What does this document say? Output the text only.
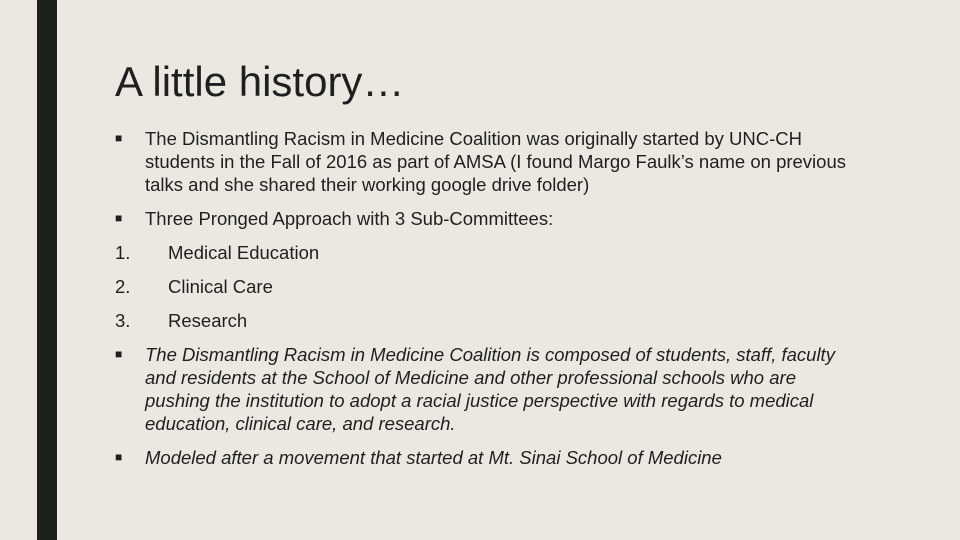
A little history…
■ The Dismantling Racism in Medicine Coalition was originally started by UNC-CH students in the Fall of 2016 as part of AMSA (I found Margo Faulk’s name on previous talks and she shared their working google drive folder)
■ Three Pronged Approach with 3 Sub-Committees:
1. Medical Education
2. Clinical Care
3. Research
■ The Dismantling Racism in Medicine Coalition is composed of students, staff, faculty and residents at the School of Medicine and other professional schools who are pushing the institution to adopt a racial justice perspective with regards to medical education, clinical care, and research.
■ Modeled after a movement that started at Mt. Sinai School of Medicine
